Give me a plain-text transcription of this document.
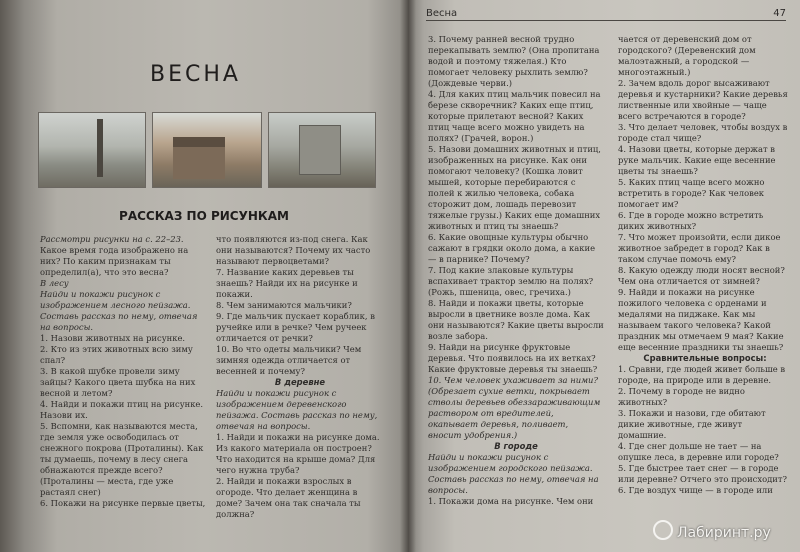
ВЕСНА
РАССКАЗ ПО РИСУНКАМ

Рассмотри рисунки на с. 22–23.

Какое время года изображено на них? По каким признакам ты определил(а), что это весна?

В лесу

Найди и покажи рисунок с изображением лесного пейзажа. Составь рассказ по нему, отвечая на вопросы.

1. Назови животных на рисунке.

2. Кто из этих животных всю зиму спал?

3. В какой шубке провели зиму зайцы? Какого цвета шубка на них весной и летом?

4. Найди и покажи птиц на рисунке. Назови их.

5. Вспомни, как называются места, где земля уже освободилась от снежного покрова (Проталины). Как ты думаешь, почему в лесу снега обнажаются прежде всего? (Проталины — места, где уже растаял снег)

6. Покажи на рисунке первые цветы,

что появляются из-под снега. Как они называются? Почему их часто называют первоцветами?

7. Название каких деревьев ты знаешь? Найди их на рисунке и покажи.

8. Чем занимаются мальчики?

9. Где мальчик пускает кораблик, в ручейке или в речке? Чем ручеек отличается от речки?

10. Во что одеты мальчики? Чем зимняя одежда отличается от весенней и почему?

В деревне

Найди и покажи рисунок с изображением деревенского пейзажа. Составь рассказ по нему, отвечая на вопросы.

1. Найди и покажи на рисунке дома. Из какого материала он построен? Что находится на крыше дома? Для чего нужна труба?

2. Найди и покажи взрослых в огороде. Что делает женщина в доме? Зачем она так сначала ты должна?

Весна	47

3. Почему ранней весной трудно перекапывать землю? (Она пропитана водой и поэтому тяжелая.) Кто помогает человеку рыхлить землю? (Дождевые черви.)

4. Для каких птиц мальчик повесил на березе скворечник? Каких еще птиц, которые прилетают весной? Каких птиц чаще всего можно увидеть на полях? (Грачей, ворон.)

5. Назови домашних животных и птиц, изображенных на рисунке. Как они помогают человеку? (Кошка ловит мышей, которые перебираются с полей к жилью человека, собака сторожит дом, лошадь перевозит тяжелые грузы.) Каких еще домашних животных и птиц ты знаешь?

6. Какие овощные культуры обычно сажают в грядки около дома, а какие — в парнике? Почему?

7. Под какие злаковые культуры вспахивает трактор землю на полях? (Рожь, пшеница, овес, гречиха.)

8. Найди и покажи цветы, которые выросли в цветнике возле дома. Как они называются? Какие цветы выросли возле забора.

9. Найди на рисунке фруктовые деревья. Что появилось на их ветках? Какие фруктовые деревья ты знаешь?

10. Чем человек ухаживает за ними? (Обрезает сухие ветки, покрывает стволы деревьев обеззараживающим раствором от вредителей, окапывает деревья, поливает, вносит удобрения.)

В городе

Найди и покажи рисунок с изображением городского пейзажа. Составь рассказ по нему, отвечая на вопросы.

1. Покажи дома на рисунке. Чем они

чается от деревенский дом от городского? (Деревенский дом малоэтажный, а городской — многоэтажный.)

2. Зачем вдоль дорог высаживают деревья и кустарники? Какие деревья лиственные или хвойные — чаще всего встречаются в городе?

3. Что делает человек, чтобы воздух в городе стал чище?

4. Назови цветы, которые держат в руке мальчик. Какие еще весенние цветы ты знаешь?

5. Каких птиц чаще всего можно встретить в городе? Как человек помогает им?

6. Где в городе можно встретить диких животных?

7. Что может произойти, если дикое животное забредет в город? Как в таком случае помочь ему?

8. Какую одежду люди носят весной? Чем она отличается от зимней?

9. Найди и покажи на рисунке пожилого человека с орденами и медалями на пиджаке. Как мы называем такого человека? Какой праздник мы отмечаем 9 мая? Какие еще весенние праздники ты знаешь?

Сравнительные вопросы:

1. Сравни, где людей живет больше в городе, на природе или в деревне.

2. Почему в городе не видно животных?

3. Покажи и назови, где обитают дикие животные, где живут домашние.

4. Где снег дольше не тает — на опушке леса, в деревне или городе?

5. Где быстрее тает снег — в городе или деревне? Отчего это происходит?

6. Где воздух чище — в городе или

Лабиринт.ру
